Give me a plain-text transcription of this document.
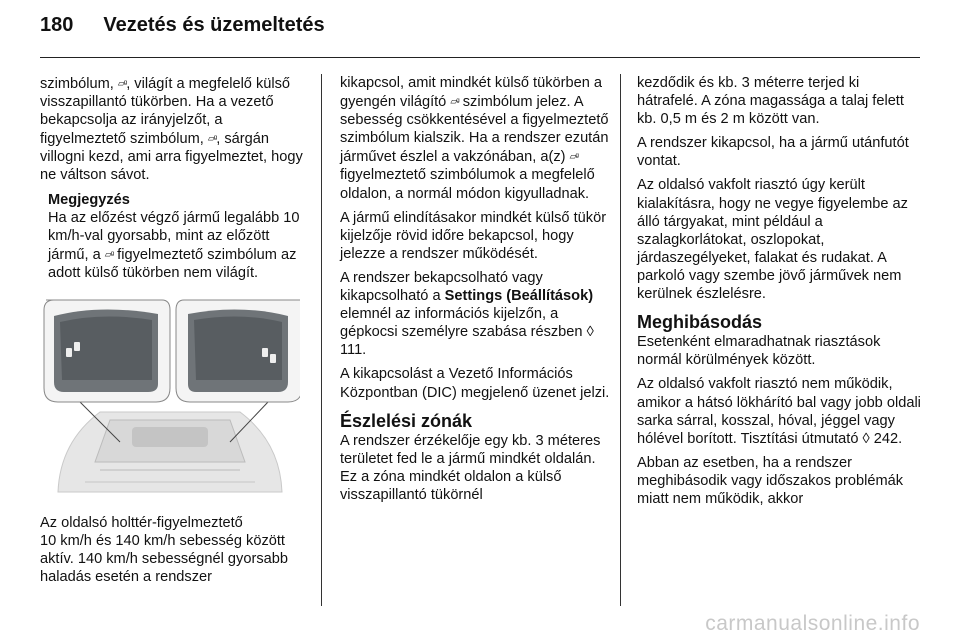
180 Vezetés és üzemeltetés

szimbólum, ▱ᵍ, világít a megfelelő külső visszapillantó tükörben. Ha a vezető bekapcsolja az irányjelzőt, a figyelmeztető szimbólum, ▱ᵍ, sárgán villogni kezd, ami arra figyelmeztet, hogy ne váltson sávot.

Megjegyzés
Ha az előzést végző jármű legalább 10 km/h-val gyorsabb, mint az előzött jármű, a ▱ᵍ figyelmeztető szimbólum az adott külső tükörben nem világít.

Az oldalsó holttér-figyelmeztető
10 km/h és 140 km/h sebesség között aktív. 140 km/h sebességnél gyorsabb haladás esetén a rendszer

kikapcsol, amit mindkét külső tükörben a gyengén világító ▱ᵍ szimbólum jelez. A sebesség csökkentésével a figyelmeztető szimbólum kialszik. Ha a rendszer ezután járművet észlel a vakzónában, a(z) ▱ᵍ figyelmeztető szimbólumok a megfelelő oldalon, a normál módon kigyulladnak.

A jármű elindításakor mindkét külső tükör kijelzője rövid időre bekapcsol, hogy jelezze a rendszer működését.

A rendszer bekapcsolható vagy kikapcsolható a Settings (Beállítások) elemnél az információs kijelzőn, a gépkocsi személyre szabása részben ◊ 111.

A kikapcsolást a Vezető Információs Központban (DIC) megjelenő üzenet jelzi.

Észlelési zónák

A rendszer érzékelője egy kb. 3 méteres területet fed le a jármű mindkét oldalán. Ez a zóna mindkét oldalon a külső visszapillantó tükörnél

kezdődik és kb. 3 méterre terjed ki hátrafelé. A zóna magassága a talaj felett kb. 0,5 m és 2 m között van.

A rendszer kikapcsol, ha a jármű utánfutót vontat.

Az oldalsó vakfolt riasztó úgy került kialakításra, hogy ne vegye figyelembe az álló tárgyakat, mint például a szalagkorlátokat, oszlopokat, járdaszegélyeket, falakat és rudakat. A parkoló vagy szembe jövő járművek nem kerülnek észlelésre.

Meghibásodás

Esetenként elmaradhatnak riasztások normál körülmények között.

Az oldalsó vakfolt riasztó nem működik, amikor a hátsó lökhárító bal vagy jobb oldali sarka sárral, kosszal, hóval, jéggel vagy hólével borított. Tisztítási útmutató ◊ 242.

Abban az esetben, ha a rendszer meghibásodik vagy időszakos problémák miatt nem működik, akkor

carmanualsonline.info
